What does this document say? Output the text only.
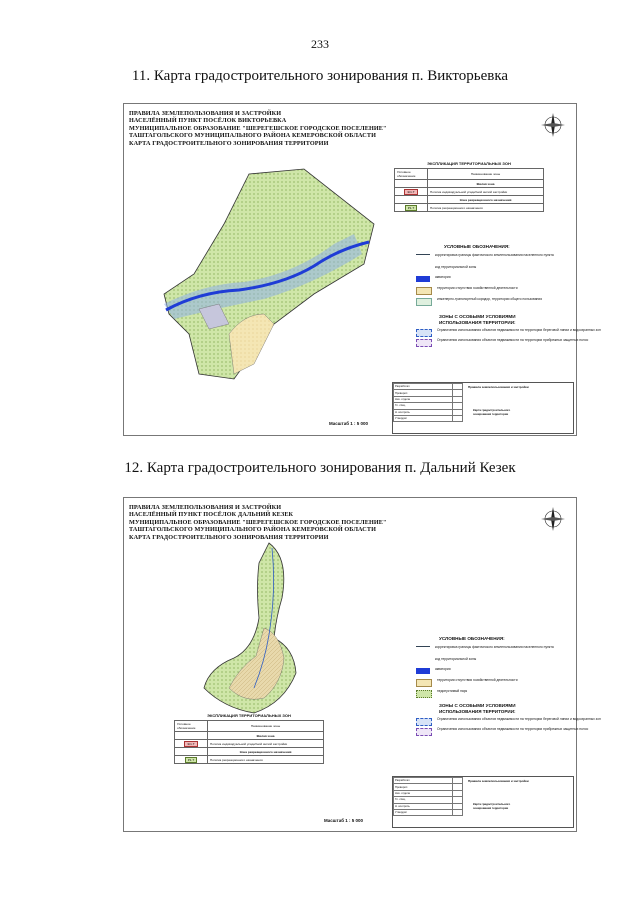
233
11. Карта градостроительного зонирования п. Викторьевка
ПРАВИЛА ЗЕМЛЕПОЛЬЗОВАНИЯ И ЗАСТРОЙКИ
НАСЕЛЁННЫЙ ПУНКТ ПОСЁЛОК ВИКТОРЬЕВКА
МУНИЦИПАЛЬНОЕ ОБРАЗОВАНИЕ "ШЕРЕГЕШСКОЕ ГОРОДСКОЕ ПОСЕЛЕНИЕ"
ТАШТАГОЛЬСКОГО МУНИЦИПАЛЬНОГО РАЙОНА КЕМЕРОВСКОЙ ОБЛАСТИ
КАРТА ГРАДОСТРОИТЕЛЬНОГО ЗОНИРОВАНИЯ ТЕРРИТОРИИ
Масштаб 1 : 5 000
ЭКСПЛИКАЦИЯ ТЕРРИТОРИАЛЬНЫХ ЗОН
Условное обозначение	Наименование зоны
	Жилая зона
Ж1.Т	Погатка индивидуальной усадебной жилой застройки
	Зона рекреационного назначения
Р1.Т	Погатка рекреационного назначения
УСЛОВНЫЕ ОБОЗНАЧЕНИЯ:
корректировка границы фактического землепользования населенного пункта
код территориальной зоны
акватория
территории отсутствия хозяйственной деятельности
инженерно-транспортный коридор, территории общего пользования
ЗОНЫ С ОСОБЫМИ УСЛОВИЯМИ
ИСПОЛЬЗОВАНИЯ ТЕРРИТОРИИ:
Ограничения использования объектов недвижимости на территории береговой линии и водоохранных зон
Ограничения использования объектов недвижимости на территории прибрежных защитных полос
Правила землепользования и застройки
Карта градостроительного зонирования территории
Разработал	
Проверил	
Нач. отдела	
Гл. спец.	
Н. контроль	
Утвердил	
12. Карта градостроительного зонирования п. Дальний Кезек
ПРАВИЛА ЗЕМЛЕПОЛЬЗОВАНИЯ И ЗАСТРОЙКИ
НАСЕЛЁННЫЙ ПУНКТ ПОСЁЛОК ДАЛЬНИЙ КЕЗЕК
МУНИЦИПАЛЬНОЕ ОБРАЗОВАНИЕ "ШЕРЕГЕШСКОЕ ГОРОДСКОЕ ПОСЕЛЕНИЕ"
ТАШТАГОЛЬСКОГО МУНИЦИПАЛЬНОГО РАЙОНА КЕМЕРОВСКОЙ ОБЛАСТИ
КАРТА ГРАДОСТРОИТЕЛЬНОГО ЗОНИРОВАНИЯ ТЕРРИТОРИИ
УСЛОВНЫЕ ОБОЗНАЧЕНИЯ:
корректировка границы фактического землепользования населенного пункта
код территориальной зоны
акватория
территории отсутствия хозяйственной деятельности
недопустимый парк
ЗОНЫ С ОСОБЫМИ УСЛОВИЯМИ
ИСПОЛЬЗОВАНИЯ ТЕРРИТОРИИ:
Ограничения использования объектов недвижимости на территории береговой линии и водоохранных зон
Ограничения использования объектов недвижимости на территории прибрежных защитных полос
ЭКСПЛИКАЦИЯ ТЕРРИТОРИАЛЬНЫХ ЗОН
Условное обозначение	Наименование зоны
	Жилая зона
Ж1.Т	Погатка индивидуальной усадебной жилой застройки
	Зона рекреационного назначения
Р1.Т	Погатка рекреационного назначения
Масштаб 1 : 5 000
Правила землепользования и застройки
Карта градостроительного зонирования территории
Разработал	
Проверил	
Нач. отдела	
Гл. спец.	
Н. контроль	
Утвердил	
